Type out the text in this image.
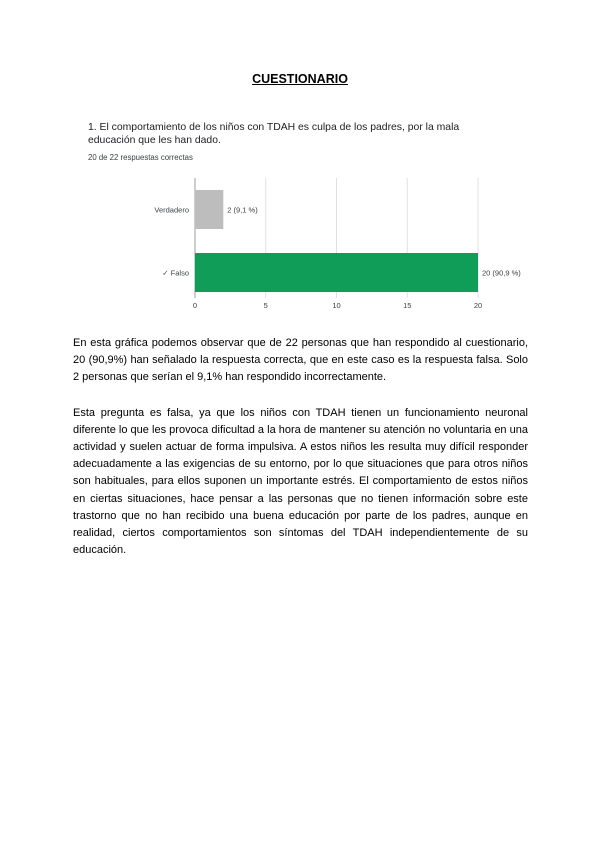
CUESTIONARIO
Verdadero	2 (9,1 %)
✓ Falso	20 (90,9 %)
0	5	10	15	20
1. El comportamiento de los niños con TDAH es culpa de los padres, por la mala educación que les han dado.
20 de 22 respuestas correctas

En esta gráfica podemos observar que de 22 personas que han respondido al cuestionario, 20 (90,9%) han señalado la respuesta correcta, que en este caso es la respuesta falsa. Solo 2 personas que serían el 9,1% han respondido incorrectamente.

Esta pregunta es falsa, ya que los niños con TDAH tienen un funcionamiento neuronal diferente lo que les provoca dificultad a la hora de mantener su atención no voluntaria en una actividad y suelen actuar de forma impulsiva. A estos niños les resulta muy difícil responder adecuadamente a las exigencias de su entorno, por lo que situaciones que para otros niños son habituales, para ellos suponen un importante estrés. El comportamiento de estos niños en ciertas situaciones, hace pensar a las personas que no tienen información sobre este trastorno que no han recibido una buena educación por parte de los padres, aunque en realidad, ciertos comportamientos son síntomas del TDAH independientemente de su educación.
